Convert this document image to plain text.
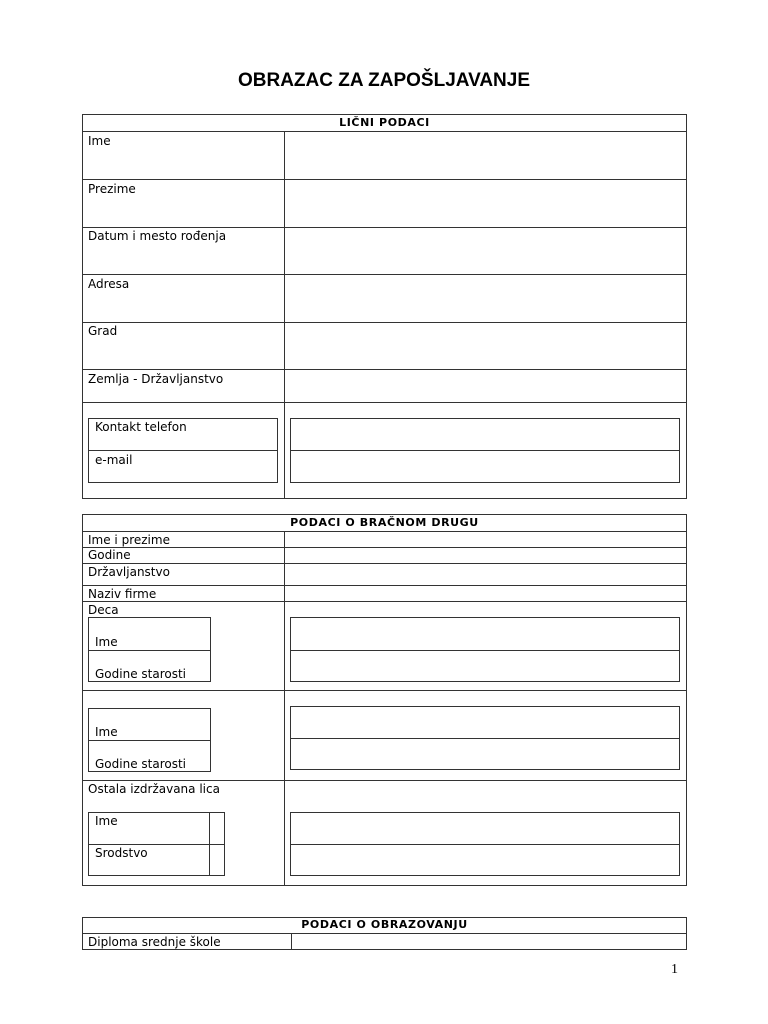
OBRAZAC ZA ZAPOŠLJAVANJE
LIČNI PODACI
Ime
Prezime
Datum i mesto rođenja
Adresa
Grad
Zemlja - Državljanstvo
Kontakt telefon
e-mail
PODACI O BRAČNOM DRUGU
Ime i prezime
Godine
Državljanstvo
Naziv firme
Deca
Ime
Godine starosti
Ime
Godine starosti
Ostala izdržavana lica
Ime
Srodstvo
PODACI O OBRAZOVANJU
Diploma srednje škole
1
